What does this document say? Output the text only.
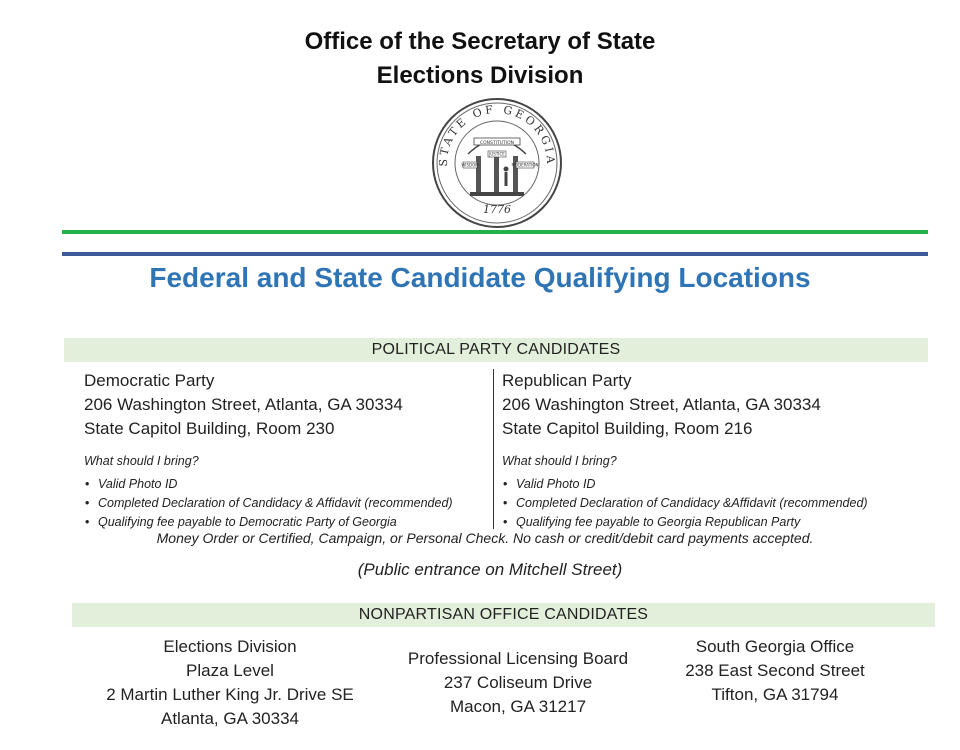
Office of the Secretary of State
Elections Division
STATE OF GEORGIA
CONSTITUTION
WISDOM
JUSTICE
MODERATION
1776
Federal and State Candidate Qualifying Locations
POLITICAL PARTY CANDIDATES
Democratic Party
206 Washington Street, Atlanta, GA 30334
State Capitol Building, Room 230
What should I bring?
• Valid Photo ID
• Completed Declaration of Candidacy & Affidavit (recommended)
• Qualifying fee payable to Democratic Party of Georgia
Republican Party
206 Washington Street, Atlanta, GA 30334
State Capitol Building, Room 216
What should I bring?
• Valid Photo ID
• Completed Declaration of Candidacy &Affidavit (recommended)
• Qualifying fee payable to Georgia Republican Party
Money Order or Certified, Campaign, or Personal Check. No cash or credit/debit card payments accepted.
(Public entrance on Mitchell Street)
NONPARTISAN OFFICE CANDIDATES
Elections Division
Plaza Level
2 Martin Luther King Jr. Drive SE
Atlanta, GA 30334
Professional Licensing Board
237 Coliseum Drive
Macon, GA 31217
South Georgia Office
238 East Second Street
Tifton, GA 31794
